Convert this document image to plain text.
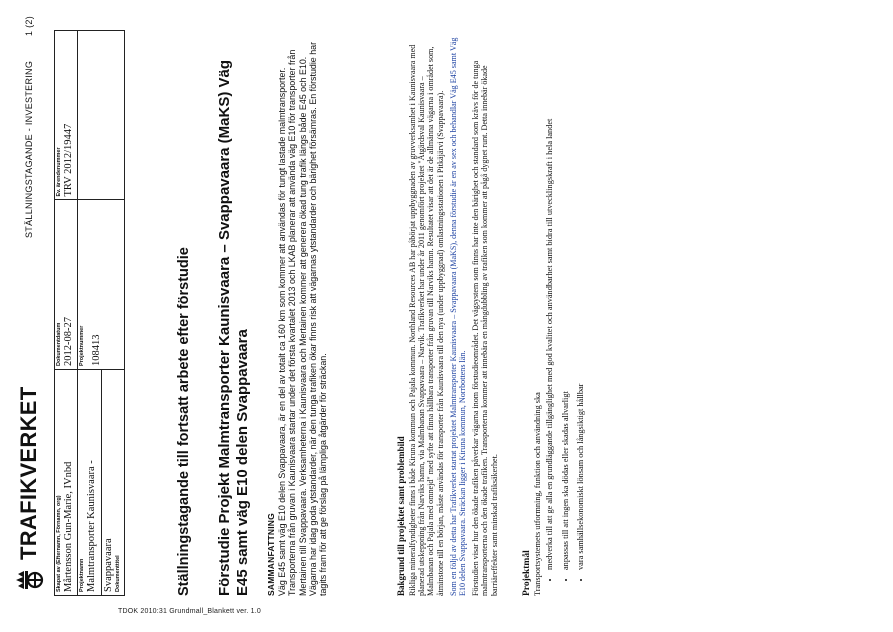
TDOK 2010:31 Grundmall_Blankett ver. 1.0
TRAFIKVERKET
STÄLLNINGSTAGANDE - INVESTERING 1 (2)
Skapat av (Efternamn, Förnamn, org) Mårtensson Gun-Marie, IVnbd	Dokumentdatum 2012-08-27	Ev. ärendenummer TRV 2012/19447

Projektnamn Malmtransporter Kaunisvaara -	Projektnummer 108413	

Svappavaara Dokumenttitel			Ställningstagande till fortsatt arbete efter förstudie Förstudie Projekt Malmtransporter Kaunisvaara – Svappavaara (MaKS) Väg E45 samt väg E10 delen Svappavaara SAMMANFATTNING Väg E45 samt väg E10 delen Svappavaara, är en del av totalt ca 160 km som kommer att användas för tungt lastade malmtransporter. Transporterna från gruvan i Kaunisvaara startar under det första kvartalet 2013 och LKAB planerar att använda väg E10 för transporter från Mertainen till Svappavaara. Verksamheterna i Kaunisvaara och Mertainen kommer att generera ökad tung trafik längs både E45 och E10. Vägarna har idag goda ytstandarder, när den tunga trafiken ökar finns risk att vägarnas ytstandarder och bärighet försämras. En förstudie har tagits fram för att ge förslag på lämpliga åtgärder för sträckan.	Bakgrund till projektet samt problembild Rikliga mineralfyndigheter finns i både Kiruna kommun och Pajala kommun. Northland Resources AB har påbörjat uppbyggnaden av gruvverksamhet i Kaunisvaara med planerad utskeppning från Narviks hamn, via Malmbanan Svappavaara – Narvik. Trafikverket har under år 2011 genomfört projektet "Åtgärdsval Kaunisvaara – Malmbanan och Pajala med omnejd" med syfte att finna hållbara transporter från gruvan till Narviks hamn. Resultatet visar att det är de allmänna vägarna i området som, åtminstone till en början, måste användas för transporter från Kaunisvaara till den nya (under uppbyggnad) omlastningsstationen i Pitkäjärvi (Svappavaara). Som en följd av detta har Trafikverket startat projektet Malmtransporter Kaunisvaara – Svappavaara (MaKS), denna förstudie är en av sex och behandlar Väg E45 samt Väg E10 delen Svappavaara. Sträckan ligger i Kiruna kommun, Norrbottens län. Förstudien visar hur den ökade trafiken påverkar vägarna inom förstudieområdet. Det vägsystem som finns har inte den bärighet och standard som krävs för de tunga malmtransporterna och den ökade trafiken. Transporterna kommer att innebära en mångdubbling av trafiken som kommer att pågå dygnet runt. Detta innebär ökade barriäreffekter samt minskad trafiksäkerhet. Projektmål Transportsystemets utformning, funktion och användning ska • medverka till att ge alla en grundläggande tillgänglighet med god kvalitet och användbarhet samt bidra till utvecklingskraft i hela landet • anpassas till att ingen ska dödas eller skadas allvarligt • vara samhällsekonomiskt lönsam och långsiktigt hållbar
